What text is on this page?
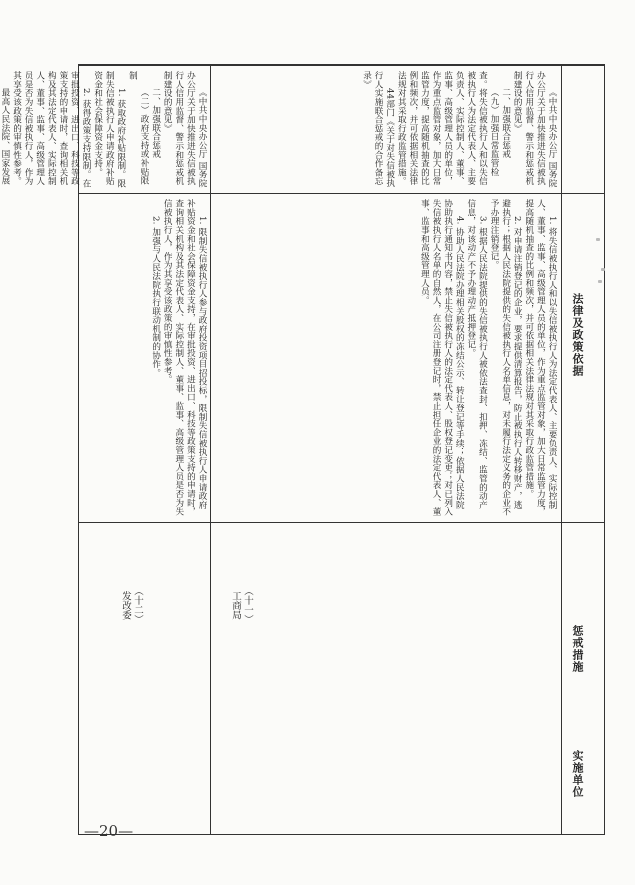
法律及政策依据
惩戒措施
实施单位

1. 将失信被执行人和以失信被执行人为法定代表人、主要负责人、实际控制人、董事、监事、高级管理人员的单位，作为重点监管对象，加大日常监管力度，提高随机抽查的比例和频次，并可依据相关法律法规对其采取行政监管措施。

2. 对申请注销登记的企业，要求提供清算报告，防止被执行人转移财产，逃避执行；根据人民法院提供的失信被执行人名单信息，对未履行法定义务的企业不予办理注销登记。

3. 根据人民法院提供的失信被执行人被依法查封、扣押、冻结、监管的动产信息，对该动产不予办理动产抵押登记。

4. 协助人民法院办理相关股权的冻结公示、转让登记等手续；依据人民法院协助执行通知书内容，禁止失信被执行人的法定代表人、股权登记变更；对已列入失信被执行人名单的自然人，在公司注册登记时，禁止担任企业的法定代表人、董事、监事和高级管理人员。

《中共中央办公厅 国务院办公厅关于加快推进失信被执行人信用监督、警示和惩戒机制建设的意见》

二、加强联合惩戒

（九）加强日常监管检查。将失信被执行人和以失信被执行人为法定代表人、主要负责人、实际控制人、董事、监事、高级管理人员的单位，作为重点监管对象，加大日常监管力度，提高随机抽查的比例和频次，并可依据相关法律法规对其采取行政监管措施。

44部门《关于对失信被执行人实施联合惩戒的合作备忘录》

（十一）
工商局

1. 限制失信被执行人参与政府投资项目招投标，限制失信被执行人申请政府补贴资金和社会保障资金支持，在审批投资、进出口、科技等政策支持的申请时，查询相关机构及其法定代表人、实际控制人、董事、监事、高级管理人员是否为失信被执行人，作为其享受该政策的审慎性参考。

2. 加强与人民法院执行联动机制的协作。

《中共中央办公厅 国务院办公厅关于加快推进失信被执行人信用监督、警示和惩戒机制建设的意见》

二、加强联合惩戒

（二）政府支持或补贴限制

1. 获取政府补贴限制。限制失信被执行人申请政府补贴资金和社会保障资金支持。

2. 获得政策支持限制。在审批投资、进出口、科技等政策支持的申请时，查询相关机构及其法定代表人、实际控制人、董事、监事、高级管理人员是否为失信被执行人，作为其享受该政策的审慎性参考。

最高人民法院、国家发展

（十二）
发改委
—20—
